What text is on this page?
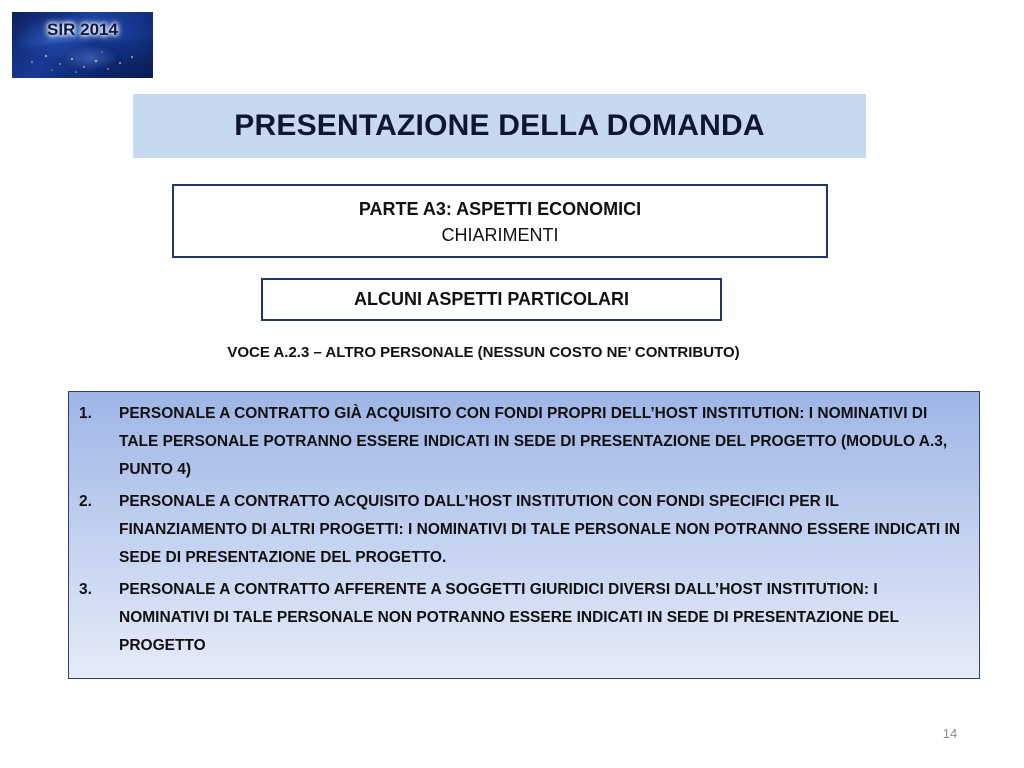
SIR 2014
PRESENTAZIONE DELLA DOMANDA
PARTE A3: ASPETTI ECONOMICI
CHIARIMENTI
ALCUNI ASPETTI PARTICOLARI
VOCE A.2.3 – ALTRO PERSONALE (NESSUN COSTO NE’ CONTRIBUTO)
1.	PERSONALE A CONTRATTO GIÀ ACQUISITO CON FONDI PROPRI DELL’HOST INSTITUTION: I NOMINATIVI DI TALE PERSONALE POTRANNO ESSERE INDICATI IN SEDE DI PRESENTAZIONE DEL PROGETTO (MODULO A.3, PUNTO 4)
2.	PERSONALE A CONTRATTO ACQUISITO DALL’HOST INSTITUTION CON FONDI SPECIFICI PER IL FINANZIAMENTO DI ALTRI PROGETTI: I NOMINATIVI DI TALE PERSONALE NON POTRANNO ESSERE INDICATI IN SEDE DI PRESENTAZIONE DEL PROGETTO.
3.	PERSONALE A CONTRATTO AFFERENTE A SOGGETTI GIURIDICI DIVERSI DALL’HOST INSTITUTION: I NOMINATIVI DI TALE PERSONALE NON POTRANNO ESSERE INDICATI IN SEDE DI PRESENTAZIONE DEL PROGETTO
14
